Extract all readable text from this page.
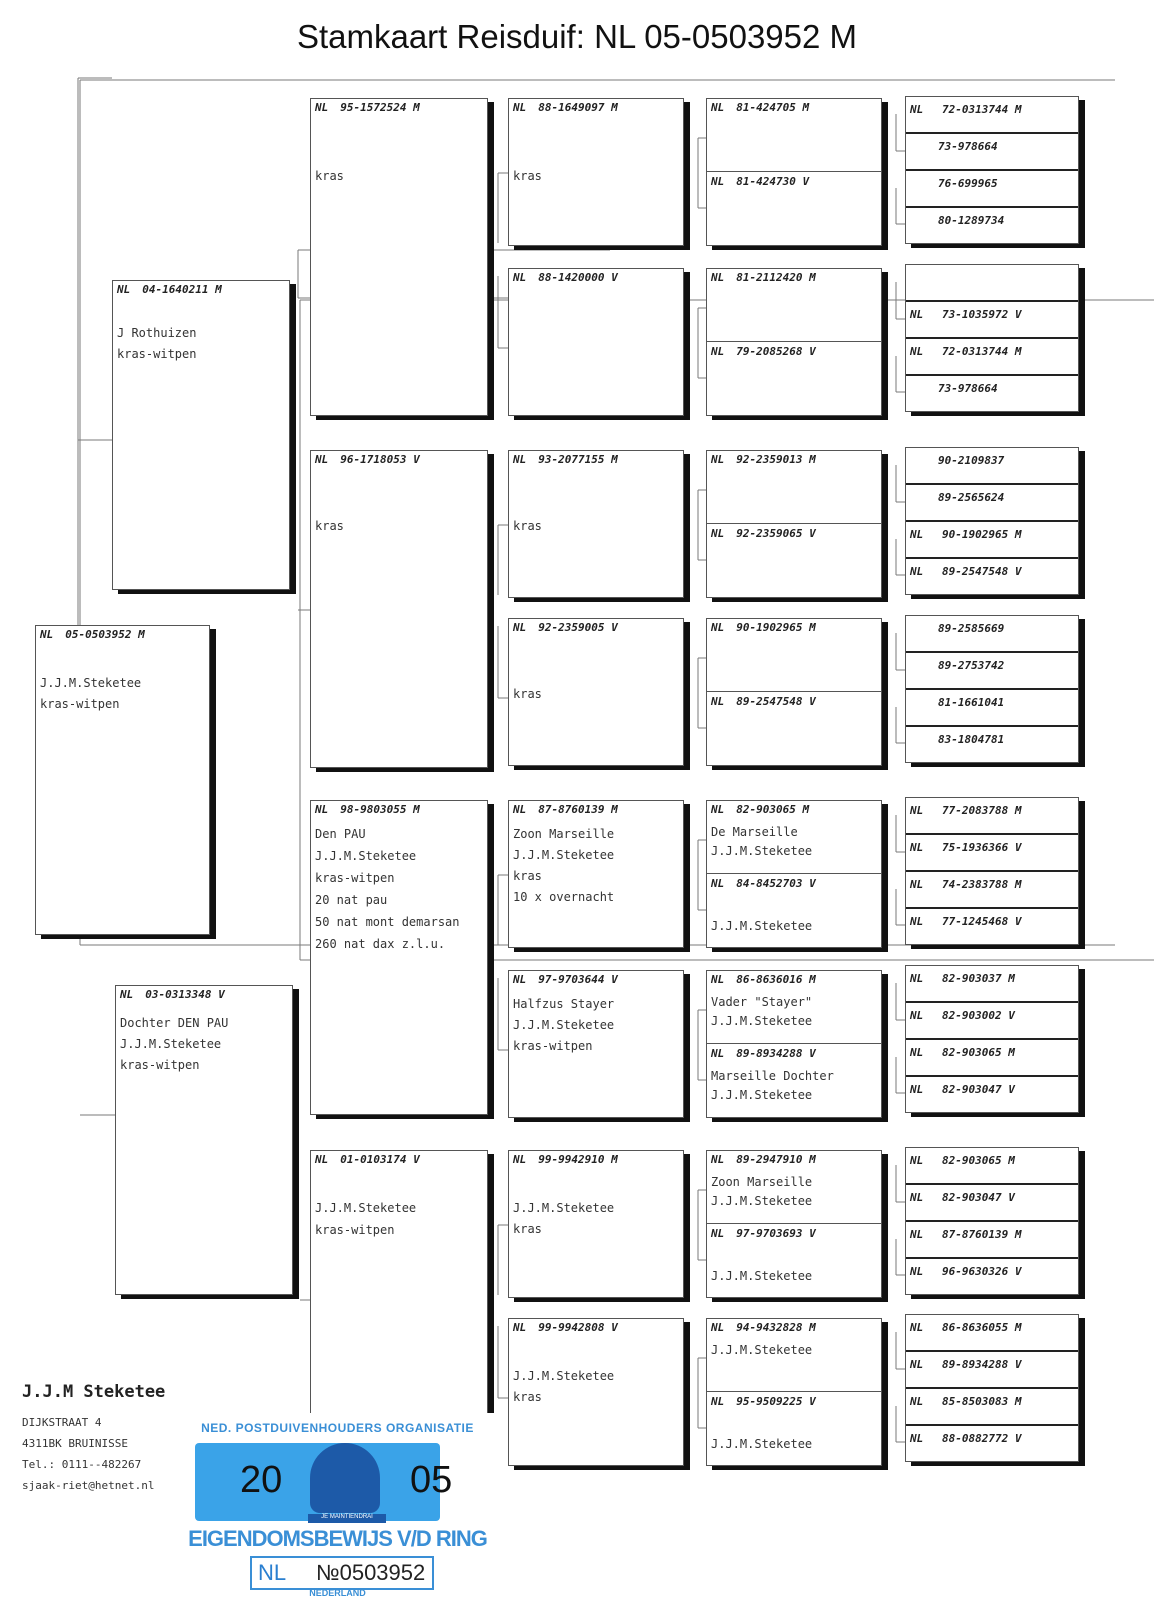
Stamkaart Reisduif: NL 05-0503952 M
NL 05-0503952 M
J.J.M.Steketee
kras-witpen
NL 04-1640211 M
J Rothuizen
kras-witpen
NL 03-0313348 V
Dochter DEN PAU
J.J.M.Steketee
kras-witpen
NL 95-1572524 M
kras
NL 96-1718053 V
kras
NL 98-9803055 M
Den PAU
J.J.M.Steketee
kras-witpen
20 nat pau
50 nat mont demarsan
260 nat dax z.l.u.
NL 01-0103174 V
J.J.M.Steketee
kras-witpen
NL 88-1649097 M
kras
NL 88-1420000 V
NL 93-2077155 M
kras
NL 92-2359005 V
kras
NL 87-8760139 M
Zoon Marseille
J.J.M.Steketee
kras
10 x overnacht
NL 97-9703644 V
Halfzus Stayer
J.J.M.Steketee
kras-witpen
NL 99-9942910 M
J.J.M.Steketee
kras
NL 99-9942808 V
J.J.M.Steketee
kras
NL 81-424705 M
NL 81-424730 V
NL 81-2112420 M
NL 79-2085268 V
NL 92-2359013 M
NL 92-2359065 V
NL 90-1902965 M
NL 89-2547548 V
NL 82-903065 M
De Marseille
J.J.M.Steketee
NL 84-8452703 V
J.J.M.Steketee
NL 86-8636016 M
Vader "Stayer"
J.J.M.Steketee
NL 89-8934288 V
Marseille Dochter
J.J.M.Steketee
NL 89-2947910 M
Zoon Marseille
J.J.M.Steketee
NL 97-9703693 V
J.J.M.Steketee
NL 94-9432828 M
J.J.M.Steketee
NL 95-9509225 V
J.J.M.Steketee
NL 72-0313744 M
73-978664
76-699965
80-1289734
NL 73-1035972 V
NL 72-0313744 M
73-978664
90-2109837
89-2565624
NL 90-1902965 M
NL 89-2547548 V
89-2585669
89-2753742
81-1661041
83-1804781
NL 77-2083788 M
NL 75-1936366 V
NL 74-2383788 M
NL 77-1245468 V
NL 82-903037 M
NL 82-903002 V
NL 82-903065 M
NL 82-903047 V
NL 82-903065 M
NL 82-903047 V
NL 87-8760139 M
NL 96-9630326 V
NL 86-8636055 M
NL 89-8934288 V
NL 85-8503083 M
NL 88-0882772 V
J.J.M Steketee
DIJKSTRAAT 4
4311BK BRUINISSE
Tel.: 0111--482267
sjaak-riet@hetnet.nl
NED. POSTDUIVENHOUDERS ORGANISATIE
20	05
JE MAINTIENDRAI
EIGENDOMSBEWIJS V/D RING
NL №0503952
NEDERLAND
